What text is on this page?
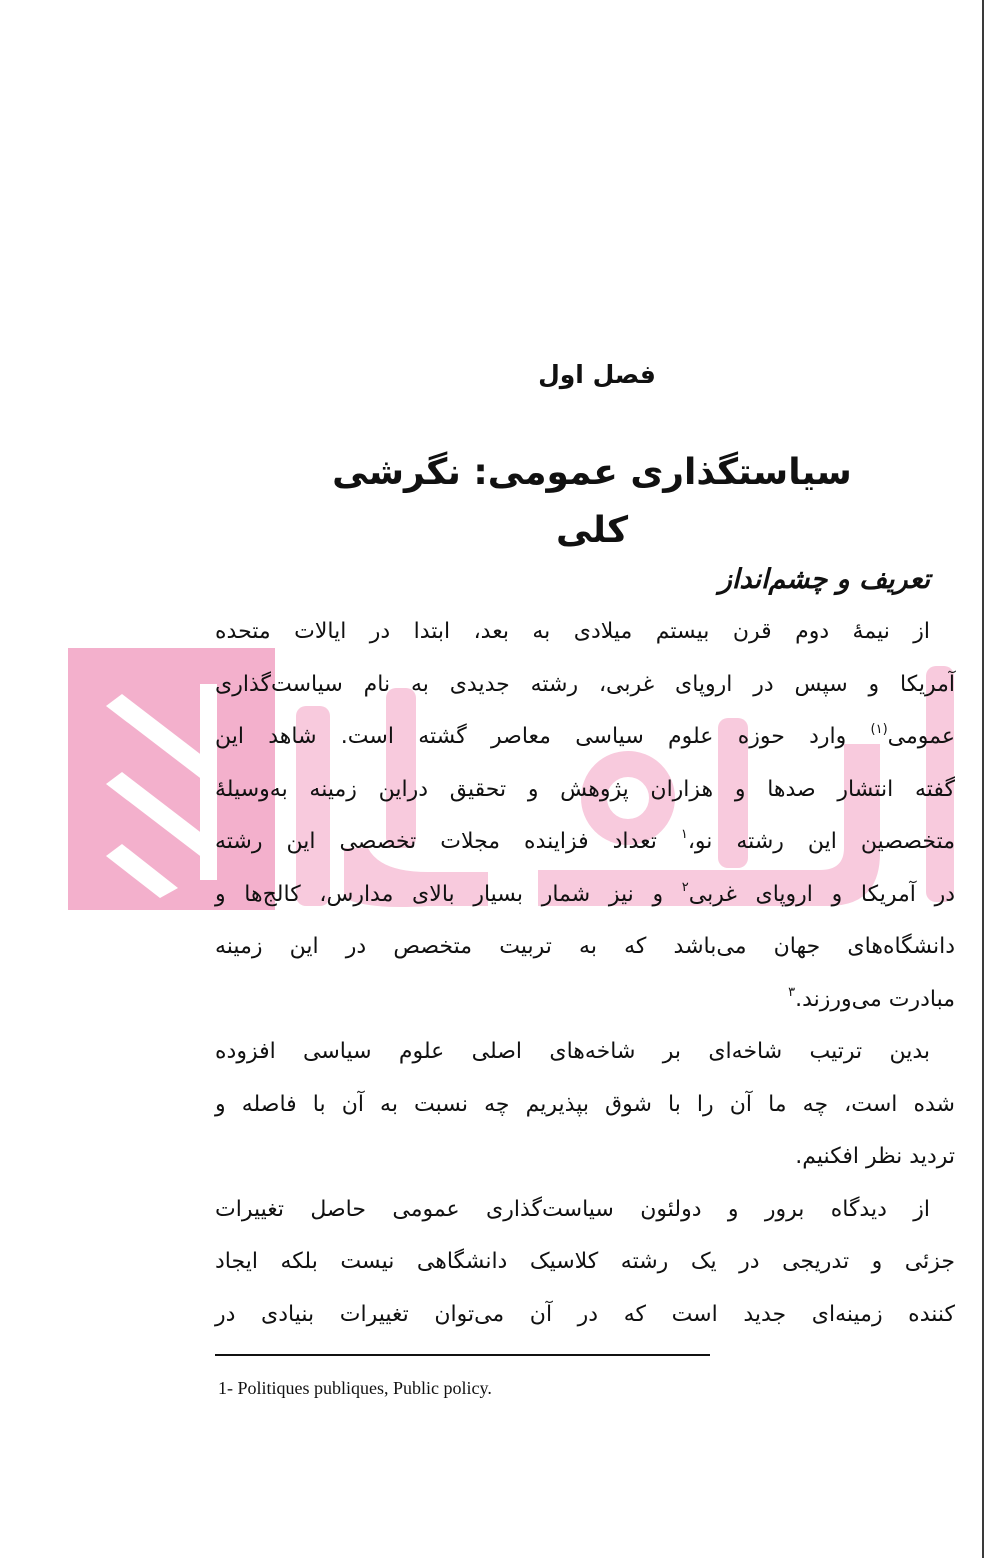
فصل اول
سیاستگذاری عمومی: نگرشی کلی
تعریف و چشم‌انداز
از نیمهٔ دوم قرن بیستم میلادی به بعد، ابتدا در ایالات متحده
آمریکا و سپس در اروپای غربی، رشته جدیدی به نام سیاست‌گذاری
عمومی$^{(۱)}$ وارد حوزه علوم سیاسی معاصر گشته است. شاهد این
گفته انتشار صدها و هزاران پژوهش و تحقیق دراین زمینه به‌وسیلهٔ
متخصصین این رشته نو،$^۱$ تعداد فزاینده مجلات تخصصی این رشته
در آمریکا و اروپای غربی$^۲$ و نیز شمار بسیار بالای مدارس، کالج‌ها و
دانشگاه‌های جهان می‌باشد که به تربیت متخصص در این زمینه
مبادرت می‌ورزند.$^۳$
بدین ترتیب شاخه‌ای بر شاخه‌های اصلی علوم سیاسی افزوده
شده است، چه ما آن را با شوق بپذیریم چه نسبت به آن با فاصله و
تردید نظر افکنیم.
از دیدگاه برور و دولئون سیاست‌گذاری عمومی حاصل تغییرات
جزئی و تدریجی در یک رشته کلاسیک دانشگاهی نیست بلکه ایجاد
کننده زمینه‌ای جدید است که در آن می‌توان تغییرات بنیادی در
1- Politiques publiques, Public policy.
